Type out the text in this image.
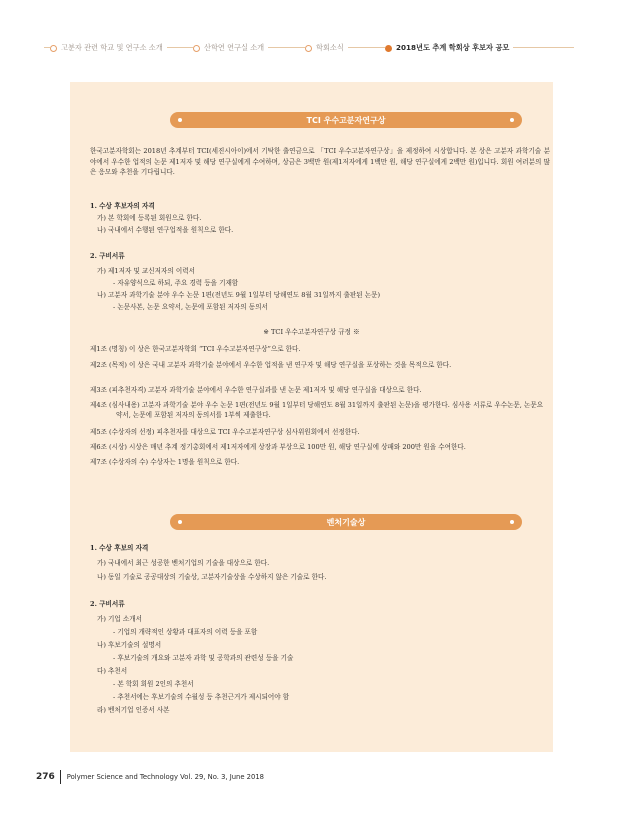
고분자 관련 학교 및 연구소 소개	산학연 연구실 소개	학회소식	2018년도 추계 학회상 후보자 공모
TCI 우수고분자연구상
벤처기술상
한국고분자학회는 2018년 추계부터 TCI(세진시아이)에서 기탁한 출연금으로 「TCI 우수고분자연구상」을 제정하여 시상합니다. 본 상은 고분자 과학기술 분야에서 우수한 업적의 논문 제1저자 및 해당 연구실에게 수여하며, 상금은 3백만 원(제1저자에게 1백만 원, 해당 연구실에게 2백만 원)입니다. 회원 여러분의 많은 응모와 추천을 기다립니다.
1. 수상 후보자의 자격
가) 본 학회에 등록된 회원으로 한다.
나) 국내에서 수행된 연구업적을 원칙으로 한다.
2. 구비서류
가) 제1저자 및 교신저자의 이력서
- 자유양식으로 하되, 주요 경력 등을 기재함
나) 고분자 과학기술 분야 우수 논문 1편(전년도 9월 1일부터 당해연도 8월 31일까지 출판된 논문)
- 논문사본, 논문 요약서, 논문에 포함된 저자의 동의서
※ TCI 우수고분자연구상 규정 ※
제1조 (명칭) 이 상은 한국고분자학회 “TCI 우수고분자연구상”으로 한다.
제2조 (목적) 이 상은 국내 고분자 과학기술 분야에서 우수한 업적을 낸 연구자 및 해당 연구실을 포상하는 것을 목적으로 한다.
제3조 (피추천자격) 고분자 과학기술 분야에서 우수한 연구실과를 낸 논문 제1저자 및 해당 연구실을 대상으로 한다.
제4조 (심사내용) 고분자 과학기술 분야 우수 논문 1편(전년도 9월 1일부터 당해연도 8월 31일까지 출판된 논문)을 평가한다. 심사용 서류로 우수논문, 논문요약서, 논문에 포함된 저자의 동의서를 1부씩 제출한다.
제5조 (수상자의 선정) 피추천자를 대상으로 TCI 우수고분자연구상 심사위원회에서 선정한다.
제6조 (시상) 시상은 매년 추계 정기총회에서 제1저자에게 상장과 부상으로 100만 원, 해당 연구실에 상패와 200만 원을 수여한다.
제7조 (수상자의 수) 수상자는 1명을 원칙으로 한다.
1. 수상 후보의 자격
가) 국내에서 최근 성공한 벤처기업의 기술을 대상으로 한다.
나) 동일 기술로 공공대상의 기술상, 고분자기술상을 수상하지 않은 기술로 한다.
2. 구비서류
가) 기업 소개서
- 기업의 개략적인 상황과 대표자의 이력 등을 포함
나) 후보기술의 설명서
- 후보기술의 개요와 고분자 과학 및 공학과의 관련성 등을 기술
다) 추천서
- 본 학회 회원 2인의 추천서
- 추천서에는 후보기술의 수월성 등 추천근거가 제시되어야 함
라) 벤처기업 인증서 사본
276 Polymer Science and Technology Vol. 29, No. 3, June 2018
